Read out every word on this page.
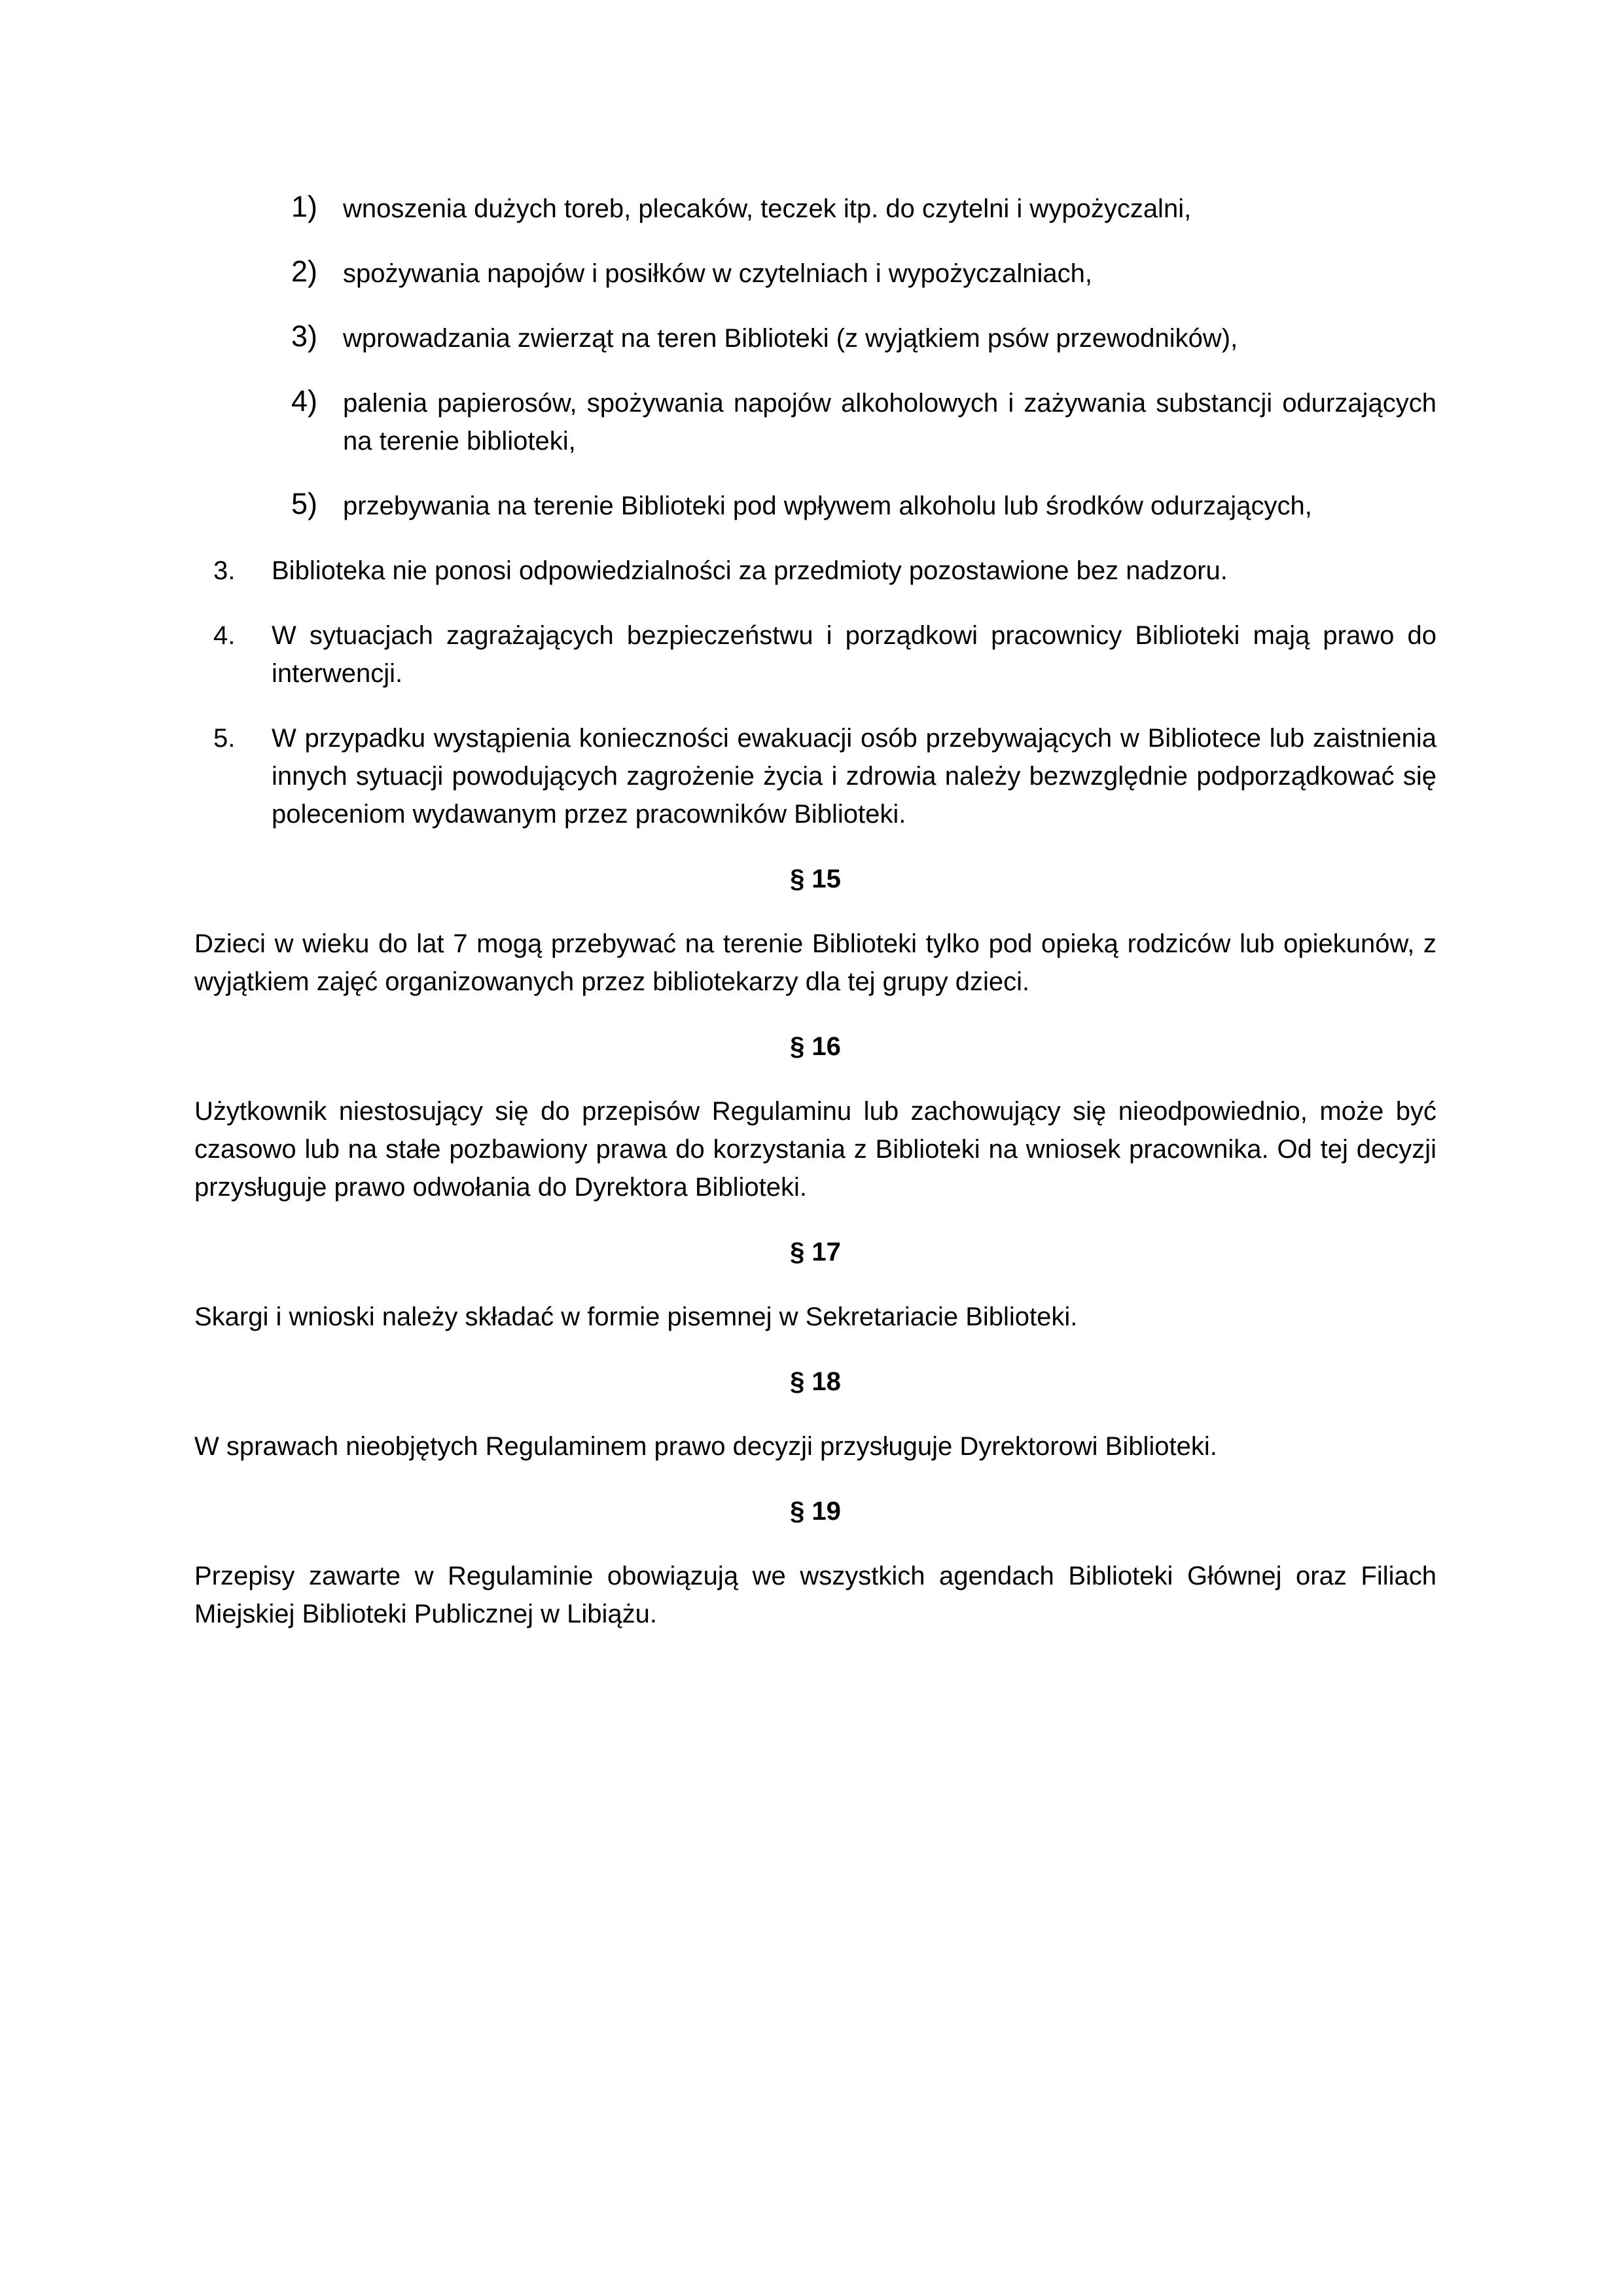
1) wnoszenia dużych toreb, plecaków, teczek itp. do czytelni i wypożyczalni,
2) spożywania napojów i posiłków w czytelniach i wypożyczalniach,
3) wprowadzania zwierząt na teren Biblioteki (z wyjątkiem psów przewodników),
4) palenia papierosów, spożywania napojów alkoholowych i zażywania substancji odurzających na terenie biblioteki,
5) przebywania na terenie Biblioteki pod wpływem alkoholu lub środków odurzających,
3. Biblioteka nie ponosi odpowiedzialności za przedmioty pozostawione bez nadzoru.
4. W sytuacjach zagrażających bezpieczeństwu i porządkowi pracownicy Biblioteki mają prawo do interwencji.
5. W przypadku wystąpienia konieczności ewakuacji osób przebywających w Bibliotece lub zaistnienia innych sytuacji powodujących zagrożenie życia i zdrowia należy bezwzględnie podporządkować się poleceniom wydawanym przez pracowników Biblioteki.
§ 15
Dzieci w wieku do lat 7 mogą przebywać na terenie Biblioteki tylko pod opieką rodziców lub opiekunów, z wyjątkiem zajęć organizowanych przez bibliotekarzy dla tej grupy dzieci.
§ 16
Użytkownik niestosujący się do przepisów Regulaminu lub zachowujący się nieodpowiednio, może być czasowo lub na stałe pozbawiony prawa do korzystania z Biblioteki na wniosek pracownika. Od tej decyzji przysługuje prawo odwołania do Dyrektora Biblioteki.
§ 17
Skargi i wnioski należy składać w formie pisemnej w Sekretariacie Biblioteki.
§ 18
W sprawach nieobjętych Regulaminem prawo decyzji przysługuje Dyrektorowi Biblioteki.
§ 19
Przepisy zawarte w Regulaminie obowiązują we wszystkich agendach Biblioteki Głównej oraz Filiach Miejskiej Biblioteki Publicznej w Libiążu.
